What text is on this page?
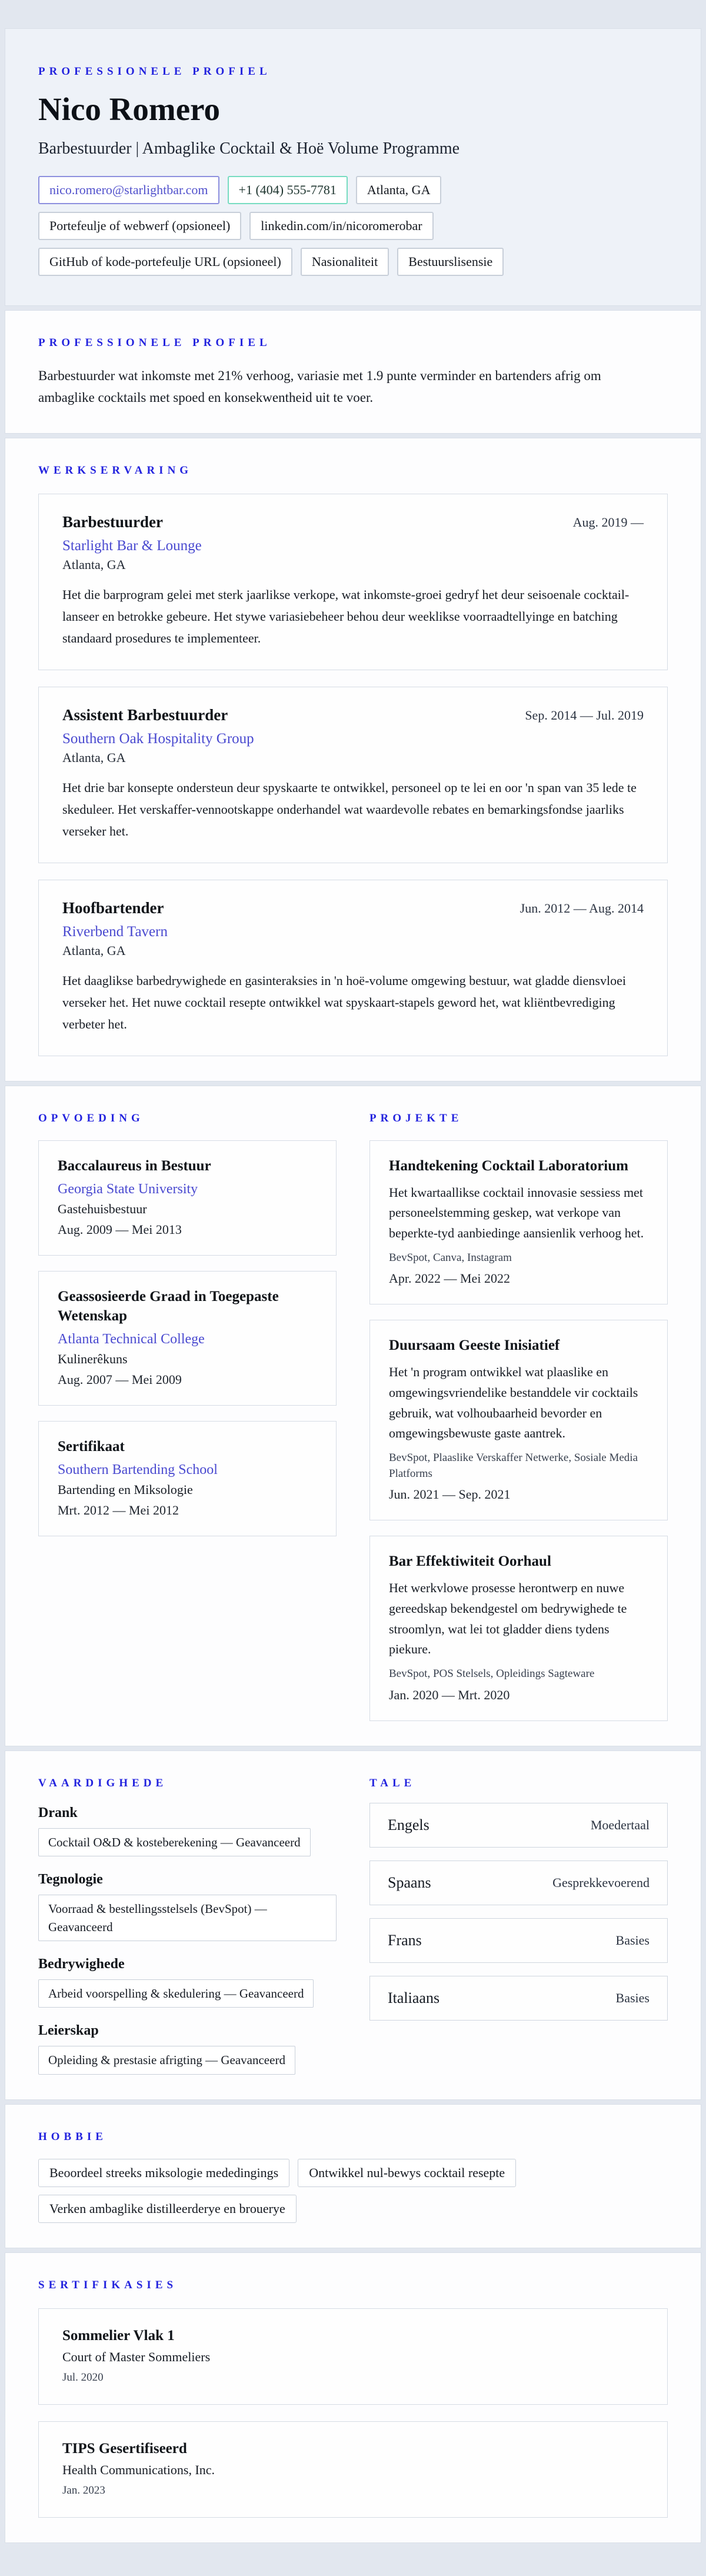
PROFESSIONELE PROFIEL
Nico Romero
Barbestuurder | Ambaglike Cocktail & Hoë Volume Programme
nico.romero@starlightbar.com	+1 (404) 555-7781	Atlanta, GA
Portefeulje of webwerf (opsioneel)	linkedin.com/in/nicoromerobar
GitHub of kode-portefeulje URL (opsioneel)	Nasionaliteit	Bestuurslisensie
PROFESSIONELE PROFIEL
Barbestuurder wat inkomste met 21% verhoog, variasie met 1.9 punte verminder en bartenders afrig om ambaglike cocktails met spoed en konsekwentheid uit te voer.
WERKSERVARING
Barbestuurder	Aug. 2019 —
Starlight Bar & Lounge
Atlanta, GA
Het die barprogram gelei met sterk jaarlikse verkope, wat inkomste-groei gedryf het deur seisoenale cocktail-lanseer en betrokke gebeure. Het stywe variasiebeheer behou deur weeklikse voorraadtellyinge en batching standaard prosedures te implementeer.
Assistent Barbestuurder	Sep. 2014 — Jul. 2019
Southern Oak Hospitality Group
Atlanta, GA
Het drie bar konsepte ondersteun deur spyskaarte te ontwikkel, personeel op te lei en oor 'n span van 35 lede te skeduleer. Het verskaffer-vennootskappe onderhandel wat waardevolle rebates en bemarkingsfondse jaarliks verseker het.
Hoofbartender	Jun. 2012 — Aug. 2014
Riverbend Tavern
Atlanta, GA
Het daaglikse barbedrywighede en gasinteraksies in 'n hoë-volume omgewing bestuur, wat gladde diensvloei verseker het. Het nuwe cocktail resepte ontwikkel wat spyskaart-stapels geword het, wat kliëntbevrediging verbeter het.
OPVOEDING
Baccalaureus in Bestuur
Georgia State University
Gastehuisbestuur
Aug. 2009 — Mei 2013
Geassosieerde Graad in Toegepaste Wetenskap
Atlanta Technical College
Kulinerêkuns
Aug. 2007 — Mei 2009
Sertifikaat
Southern Bartending School
Bartending en Miksologie
Mrt. 2012 — Mei 2012
PROJEKTE
Handtekening Cocktail Laboratorium
Het kwartaallikse cocktail innovasie sessiess met personeelstemming geskep, wat verkope van beperkte-tyd aanbiedinge aansienlik verhoog het.
BevSpot, Canva, Instagram
Apr. 2022 — Mei 2022
Duursaam Geeste Inisiatief
Het 'n program ontwikkel wat plaaslike en omgewingsvriendelike bestanddele vir cocktails gebruik, wat volhoubaarheid bevorder en omgewingsbewuste gaste aantrek.
BevSpot, Plaaslike Verskaffer Netwerke, Sosiale Media Platforms
Jun. 2021 — Sep. 2021
Bar Effektiwiteit Oorhaul
Het werkvlowe prosesse herontwerp en nuwe gereedskap bekendgestel om bedrywighede te stroomlyn, wat lei tot gladder diens tydens piekure.
BevSpot, POS Stelsels, Opleidings Sagteware
Jan. 2020 — Mrt. 2020
VAARDIGHEDE
Drank
Cocktail O&D & kosteberekening — Geavanceerd
Tegnologie
Voorraad & bestellingsstelsels (BevSpot) — Geavanceerd
Bedrywighede
Arbeid voorspelling & skedulering — Geavanceerd
Leierskap
Opleiding & prestasie afrigting — Geavanceerd
TALE
Engels	Moedertaal
Spaans	Gesprekkevoerend
Frans	Basies
Italiaans	Basies
HOBBIE
Beoordeel streeks miksologie mededingings	Ontwikkel nul-bewys cocktail resepte
Verken ambaglike distilleerderye en brouerye
SERTIFIKASIES
Sommelier Vlak 1
Court of Master Sommeliers
Jul. 2020
TIPS Gesertifiseerd
Health Communications, Inc.
Jan. 2023
